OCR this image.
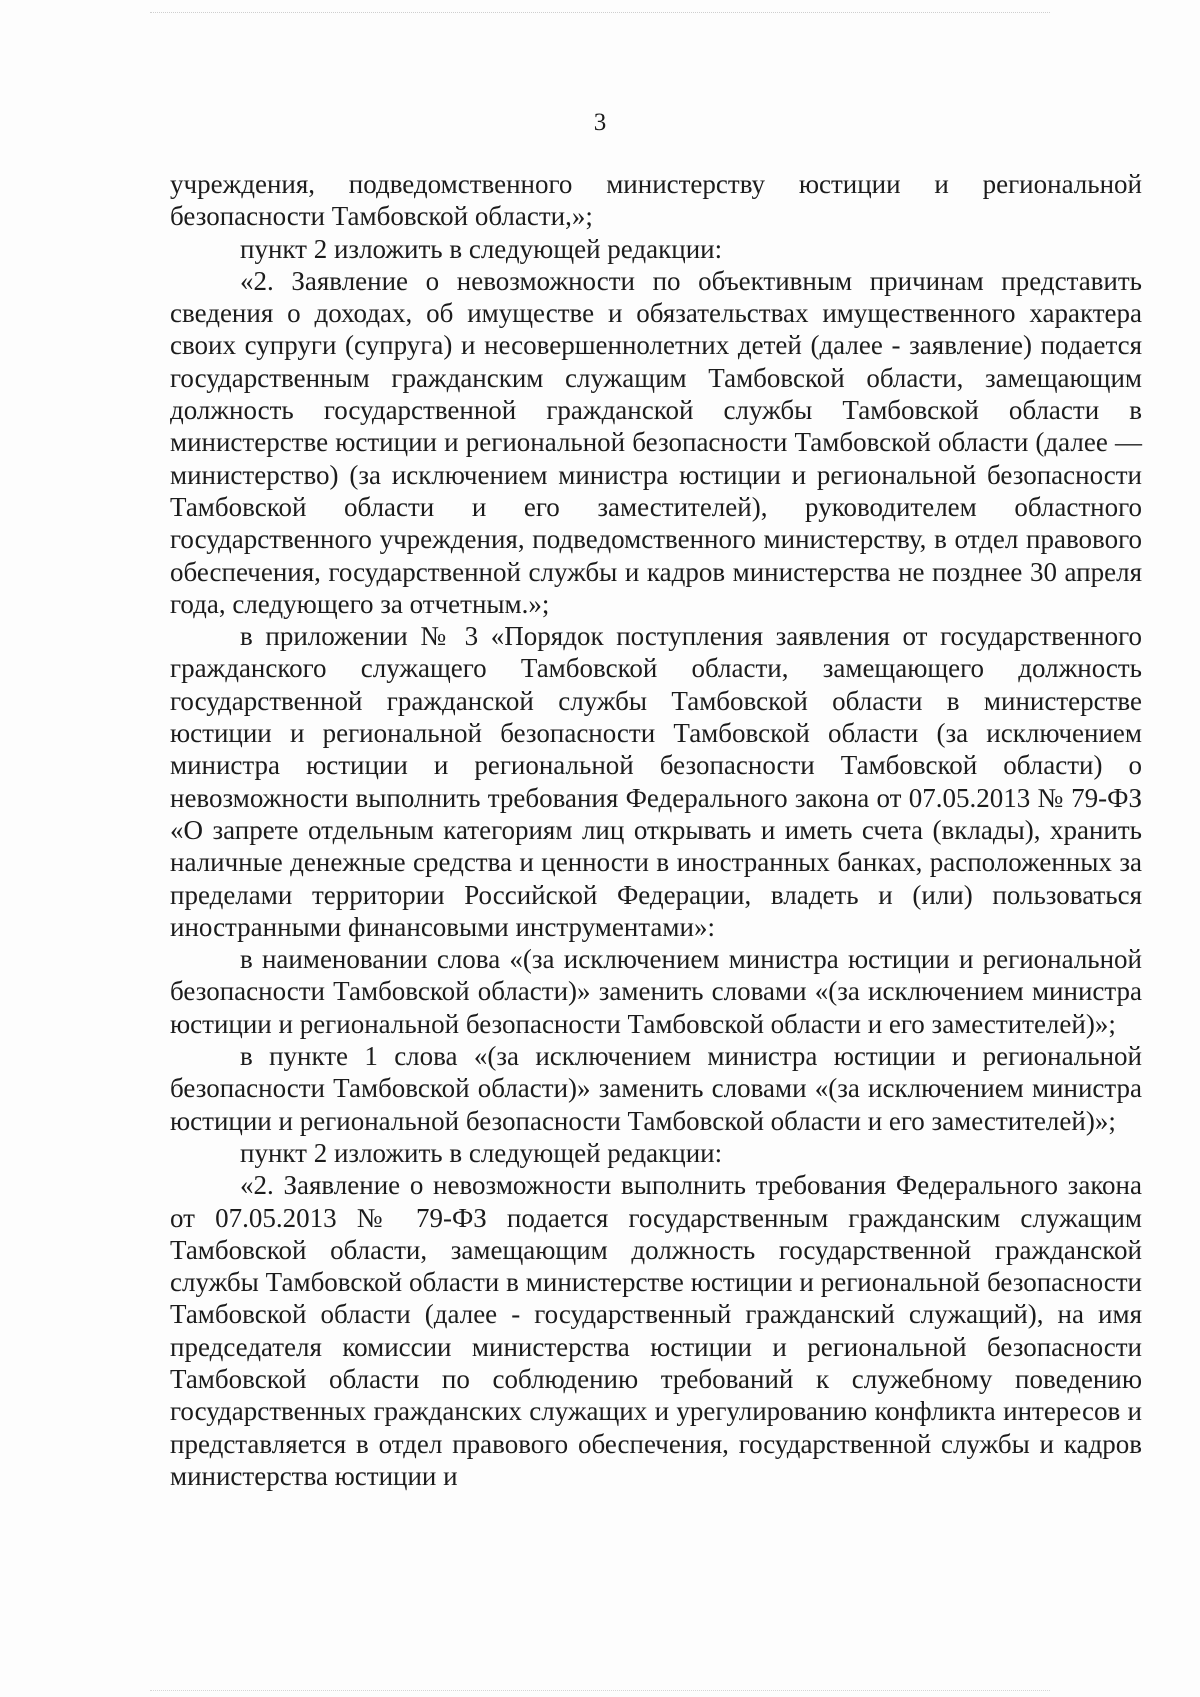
3

учреждения, подведомственного министерству юстиции и региональной безопасности Тамбовской области,»;

пункт 2 изложить в следующей редакции:

«2. Заявление о невозможности по объективным причинам представить сведения о доходах, об имуществе и обязательствах имущественного характера своих супруги (супруга) и несовершеннолетних детей (далее - заявление) подается государственным гражданским служащим Тамбовской области, замещающим должность государственной гражданской службы Тамбовской области в министерстве юстиции и региональной безопасности Тамбовской области (далее — министерство) (за исключением министра юстиции и региональной безопасности Тамбовской области и его заместителей), руководителем областного государственного учреждения, подведомственного министерству, в отдел правового обеспечения, государственной службы и кадров министерства не позднее 30 апреля года, следующего за отчетным.»;

в приложении № 3 «Порядок поступления заявления от государственного гражданского служащего Тамбовской области, замещающего должность государственной гражданской службы Тамбовской области в министерстве юстиции и региональной безопасности Тамбовской области (за исключением министра юстиции и региональной безопасности Тамбовской области) о невозможности выполнить требования Федерального закона от 07.05.2013 № 79-ФЗ «О запрете отдельным категориям лиц открывать и иметь счета (вклады), хранить наличные денежные средства и ценности в иностранных банках, расположенных за пределами территории Российской Федерации, владеть и (или) пользоваться иностранными финансовыми инструментами»:

в наименовании слова «(за исключением министра юстиции и региональной безопасности Тамбовской области)» заменить словами «(за исключением министра юстиции и региональной безопасности Тамбовской области и его заместителей)»;

в пункте 1 слова «(за исключением министра юстиции и региональной безопасности Тамбовской области)» заменить словами «(за исключением министра юстиции и региональной безопасности Тамбовской области и его заместителей)»;

пункт 2 изложить в следующей редакции:

«2. Заявление о невозможности выполнить требования Федерального закона от 07.05.2013 № 79-ФЗ подается государственным гражданским служащим Тамбовской области, замещающим должность государственной гражданской службы Тамбовской области в министерстве юстиции и региональной безопасности Тамбовской области (далее - государственный гражданский служащий), на имя председателя комиссии министерства юстиции и региональной безопасности Тамбовской области по соблюдению требований к служебному поведению государственных гражданских служащих и урегулированию конфликта интересов и представляется в отдел правового обеспечения, государственной службы и кадров министерства юстиции и
